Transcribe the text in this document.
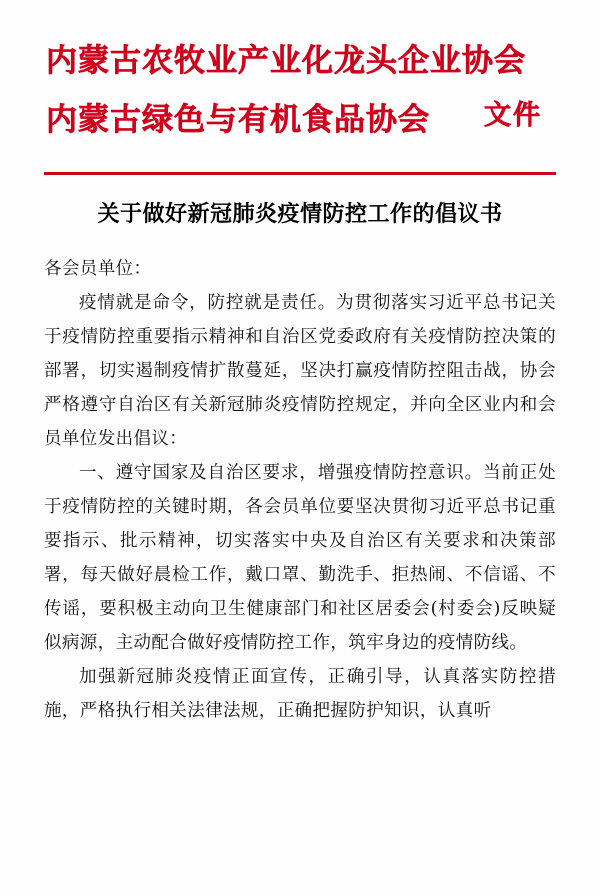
内蒙古农牧业产业化龙头企业协会
内蒙古绿色与有机食品协会	文件
关于做好新冠肺炎疫情防控工作的倡议书

各会员单位：

疫情就是命令，防控就是责任。为贯彻落实习近平总书记关于疫情防控重要指示精神和自治区党委政府有关疫情防控决策的部署，切实遏制疫情扩散蔓延，坚决打赢疫情防控阻击战，协会严格遵守自治区有关新冠肺炎疫情防控规定，并向全区业内和会员单位发出倡议：

一、遵守国家及自治区要求，增强疫情防控意识。当前正处于疫情防控的关键时期，各会员单位要坚决贯彻习近平总书记重要指示、批示精神，切实落实中央及自治区有关要求和决策部署，每天做好晨检工作，戴口罩、勤洗手、拒热闹、不信谣、不传谣，要积极主动向卫生健康部门和社区居委会(村委会)反映疑似病源，主动配合做好疫情防控工作，筑牢身边的疫情防线。

加强新冠肺炎疫情正面宣传，正确引导，认真落实防控措施，严格执行相关法律法规，正确把握防护知识，认真听
